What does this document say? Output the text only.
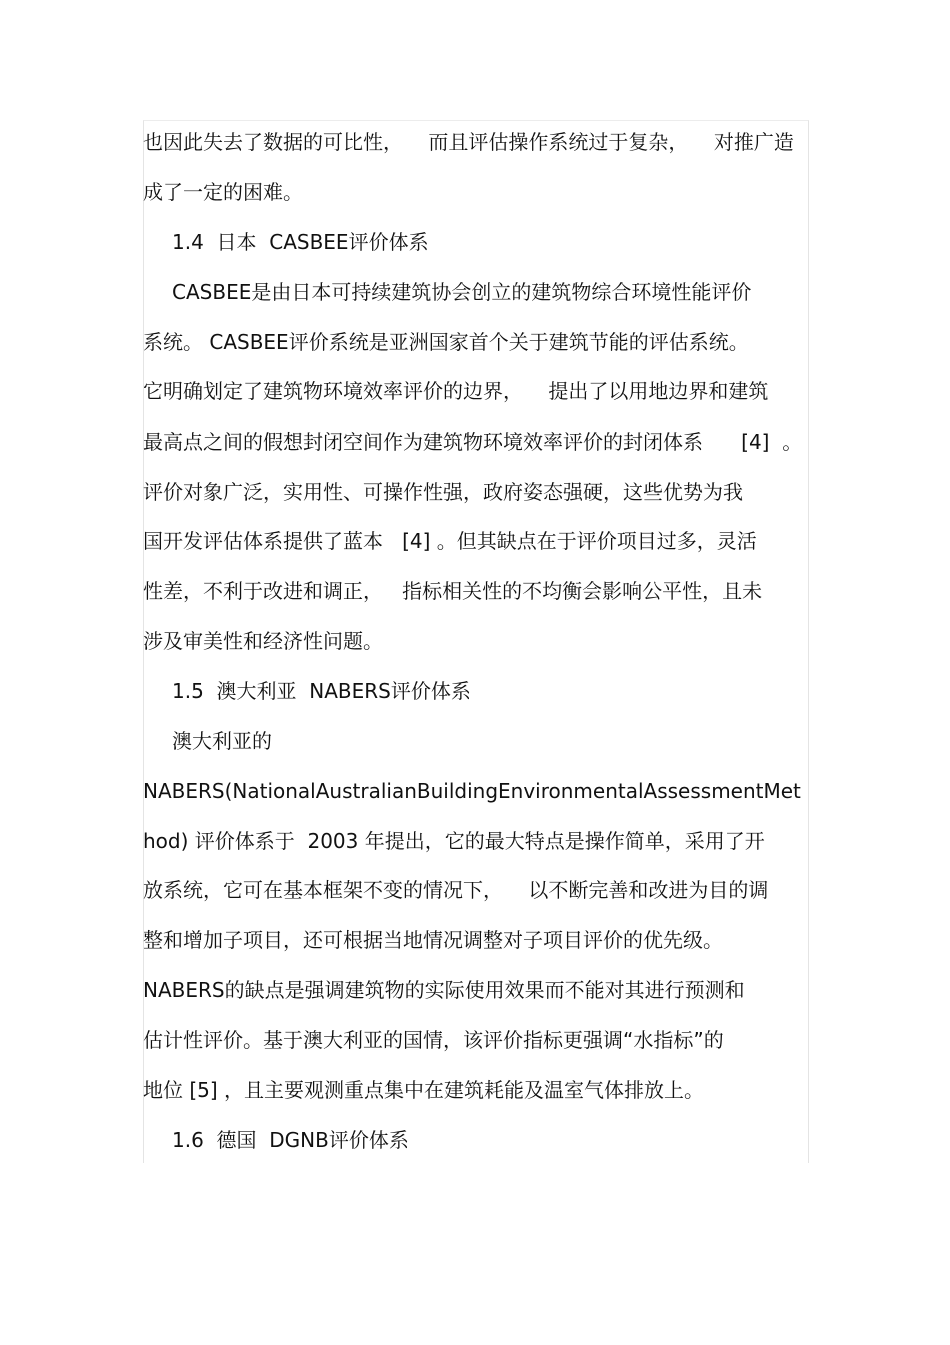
也因此失去了数据的可比性，    而且评估操作系统过于复杂，    对推广造
成了一定的困难。
1.4  日本  CASBEE评价体系
CASBEE是由日本可持续建筑协会创立的建筑物综合环境性能评价
系统。 CASBEE评价系统是亚洲国家首个关于建筑节能的评估系统。
它明确划定了建筑物环境效率评价的边界，    提出了以用地边界和建筑
最高点之间的假想封闭空间作为建筑物环境效率评价的封闭体系      [4]  。
评价对象广泛，实用性、可操作性强，政府姿态强硬，这些优势为我
国开发评估体系提供了蓝本   [4] 。但其缺点在于评价项目过多，灵活
性差，不利于改进和调正，   指标相关性的不均衡会影响公平性，且未
涉及审美性和经济性问题。
1.5  澳大利亚  NABERS评价体系
澳大利亚的
NABERS(NationalAustralianBuildingEnvironmentalAssessmentMet
hod) 评价体系于  2003 年提出，它的最大特点是操作简单，采用了开
放系统，它可在基本框架不变的情况下，    以不断完善和改进为目的调
整和增加子项目，还可根据当地情况调整对子项目评价的优先级。
NABERS的缺点是强调建筑物的实际使用效果而不能对其进行预测和
估计性评价。基于澳大利亚的国情，该评价指标更强调“水指标”的
地位 [5] ，且主要观测重点集中在建筑耗能及温室气体排放上。
1.6  德国  DGNB评价体系
